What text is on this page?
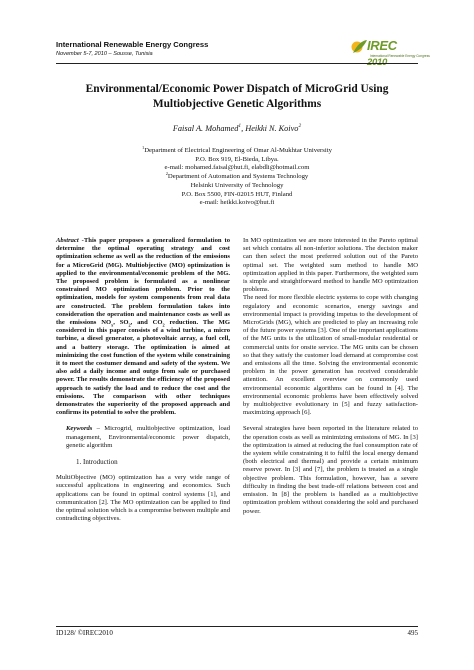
International Renewable Energy Congress
November 5-7, 2010 – Sousse, Tunisia
IREC 2010
International Renewable Energy Congress
Environmental/Economic Power Dispatch of MicroGrid Using
Multiobjective Genetic Algorithms
Faisal A. Mohamed$^1$, Heikki N. Koivo$^2$
$^1$Department of Electrical Engineering of Omar Al-Mukhtar University
P.O. Box 919, El-Bieda, Libya.
e-mail: mohamed.faisal@hut.fi, elabdli@hotmail.com
$^2$Department of Automation and Systems Technology
Helsinki University of Technology
P.O. Box 5500, FIN-02015 HUT, Finland
e-mail: heikki.koivo@hut.fi
Abstract -This paper proposes a generalized formulation to determine the optimal operating strategy and cost optimization scheme as well as the reduction of the emissions for a MicroGrid (MG). Multiobjective (MO) optimization is applied to the environmental/economic problem of the MG. The proposed problem is formulated as a nonlinear constrained MO optimization problem. Prior to the optimization, models for system components from real data are constructed. The problem formulation takes into consideration the operation and maintenance costs as well as the emissions $NO_x$, $SO_2$, and $CO_2$ reduction. The MG considered in this paper consists of a wind turbine, a micro turbine, a diesel generator, a photovoltaic array, a fuel cell, and a battery storage. The optimization is aimed at minimizing the cost function of the system while constraining it to meet the costumer demand and safety of the system. We also add a daily income and outgo from sale or purchased power. The results demonstrate the efficiency of the proposed approach to satisfy the load and to reduce the cost and the emissions. The comparison with other techniques demonstrates the superiority of the proposed approach and confirms its potential to solve the problem.
Keywords – Microgrid, multiobjective optimization, load management, Environmental/economic power dispatch, genetic algorithm
1. Introduction
MultiObjective (MO) optimization has a very wide range of successful applications in engineering and economics. Such applications can be found in optimal control systems [1], and communication [2]. The MO optimization can be applied to find the optimal solution which is a compromise between multiple and contradicting objectives.
In MO optimization we are more interested in the Pareto optimal set which contains all non-inferior solutions. The decision maker can then select the most preferred solution out of the Pareto optimal set. The weighted sum method to handle MO optimization applied in this paper. Furthermore, the weighted sum is simple and straightforward method to handle MO optimization problems.
The need for more flexible electric systems to cope with changing regulatory and economic scenarios, energy savings and environmental impact is providing impetus to the development of MicroGrids (MG), which are predicted to play an increasing role of the future power systems [3]. One of the important applications of the MG units is the utilization of small-modular residential or commercial units for onsite service. The MG units can be chosen so that they satisfy the customer load demand at compromise cost and emissions all the time. Solving the environmental economic problem in the power generation has received considerable attention. An excellent overview on commonly used environmental economic algorithms can be found in [4]. The environmental economic problems have been effectively solved by multiobjective evolutionary in [5] and fuzzy satisfaction-maximizing approach [6].
Several strategies have been reported in the literature related to the operation costs as well as minimizing emissions of MG. In [3] the optimization is aimed at reducing the fuel consumption rate of the system while constraining it to fulfil the local energy demand (both electrical and thermal) and provide a certain minimum reserve power. In [3] and [7], the problem is treated as a single objective problem. This formulation, however, has a severe difficulty in finding the best trade-off relations between cost and emission. In [8] the problem is handled as a multiobjective optimization problem without considering the sold and purchased power.
ID128/ ©IREC2010	495
